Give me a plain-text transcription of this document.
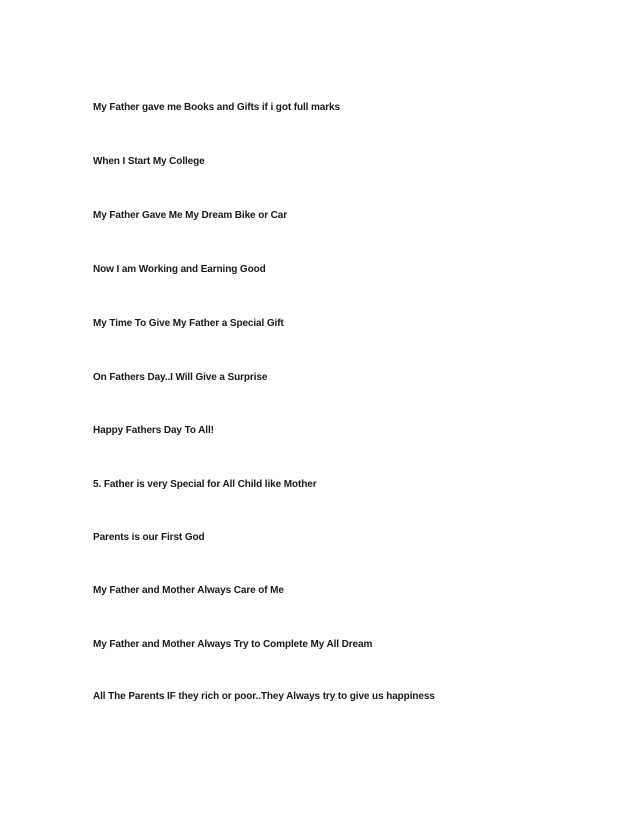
My Father gave me Books and Gifts if i got full marks

When I Start My College

My Father Gave Me My Dream Bike or Car

Now I am Working and Earning Good

My Time To Give My Father a Special Gift

On Fathers Day..I Will Give a Surprise

Happy Fathers Day To All!

5. Father is very Special for All Child like Mother

Parents is our First God

My Father and Mother Always Care of Me

My Father and Mother Always Try to Complete My All Dream

All The Parents IF they rich or poor..They Always try to give us happiness
